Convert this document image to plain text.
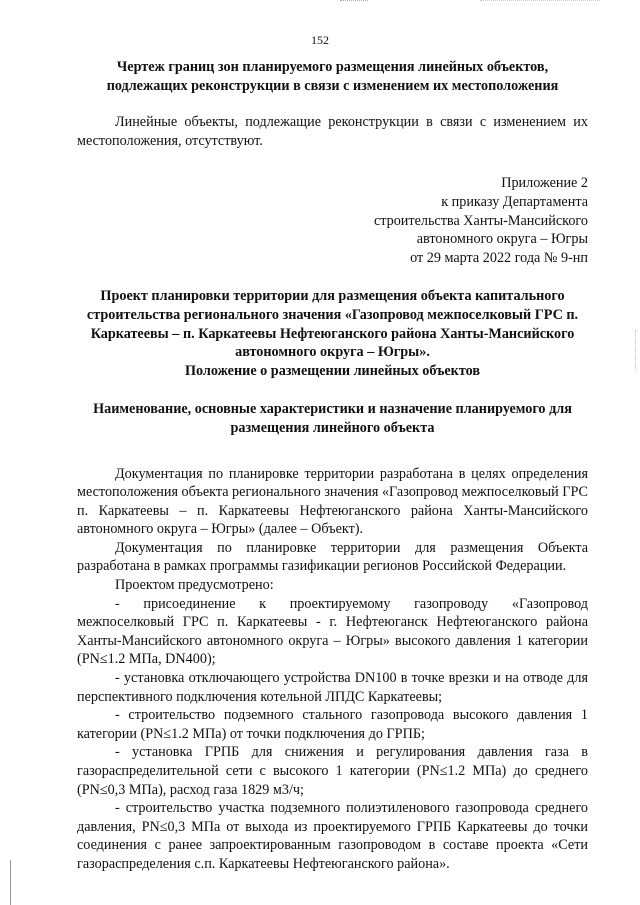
152

Чертеж границ зон планируемого размещения линейных объектов, подлежащих реконструкции в связи с изменением их местоположения

Линейные объекты, подлежащие реконструкции в связи с изменением их местоположения, отсутствуют.

Приложение 2

к приказу Департамента

строительства Ханты-Мансийского

автономного округа – Югры

от 29 марта 2022 года № 9-нп

Проект планировки территории для размещения объекта капитального строительства регионального значения «Газопровод межпоселковый ГРС п. Каркатеевы – п. Каркатеевы Нефтеюганского района Ханты-Мансийского автономного округа – Югры».

Положение о размещении линейных объектов

Наименование, основные характеристики и назначение планируемого для размещения линейного объекта

Документация по планировке территории разработана в целях определения местоположения объекта регионального значения «Газопровод межпоселковый ГРС п. Каркатеевы – п. Каркатеевы Нефтеюганского района Ханты-Мансийского автономного округа – Югры» (далее – Объект).

Документация по планировке территории для размещения Объекта разработана в рамках программы газификации регионов Российской Федерации.

Проектом предусмотрено:

- присоединение к проектируемому газопроводу «Газопровод межпоселковый ГРС п. Каркатеевы - г. Нефтеюганск Нефтеюганского района Ханты-Мансийского автономного округа – Югры» высокого давления 1 категории (PN≤1.2 МПа, DN400);

- установка отключающего устройства DN100 в точке врезки и на отводе для перспективного подключения котельной ЛПДС Каркатеевы;

- строительство подземного стального газопровода высокого давления 1 категории (PN≤1.2 МПа) от точки подключения до ГРПБ;

- установка ГРПБ для снижения и регулирования давления газа в газораспределительной сети с высокого 1 категории (PN≤1.2 МПа) до среднего (PN≤0,3 МПа), расход газа 1829 м3/ч;

- строительство участка подземного полиэтиленового газопровода среднего давления, PN≤0,3 МПа от выхода из проектируемого ГРПБ Каркатеевы до точки соединения с ранее запроектированным газопроводом в составе проекта «Сети газораспределения с.п. Каркатеевы Нефтеюганского района».
